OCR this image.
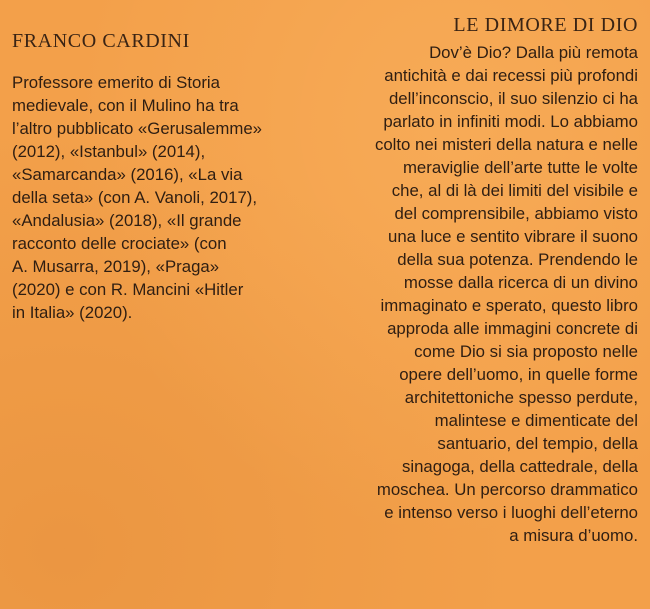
FRANCO CARDINI

Professore emerito di Storia
medievale, con il Mulino ha tra
l’altro pubblicato «Gerusalemme»
(2012), «Istanbul» (2014),
«Samarcanda» (2016), «La via
della seta» (con A. Vanoli, 2017),
«Andalusia» (2018), «Il grande
racconto delle crociate» (con
A. Musarra, 2019), «Praga»
(2020) e con R. Mancini «Hitler
in Italia» (2020).

LE DIMORE DI DIO

Dov’è Dio? Dalla più remota
antichità e dai recessi più profondi
dell’inconscio, il suo silenzio ci ha
parlato in infiniti modi. Lo abbiamo
colto nei misteri della natura e nelle
meraviglie dell’arte tutte le volte
che, al di là dei limiti del visibile e
del comprensibile, abbiamo visto
una luce e sentito vibrare il suono
della sua potenza. Prendendo le
mosse dalla ricerca di un divino
immaginato e sperato, questo libro
approda alle immagini concrete di
come Dio si sia proposto nelle
opere dell’uomo, in quelle forme
architettoniche spesso perdute,
malintese e dimenticate del
santuario, del tempio, della
sinagoga, della cattedrale, della
moschea. Un percorso drammatico
e intenso verso i luoghi dell’eterno
a misura d’uomo.
